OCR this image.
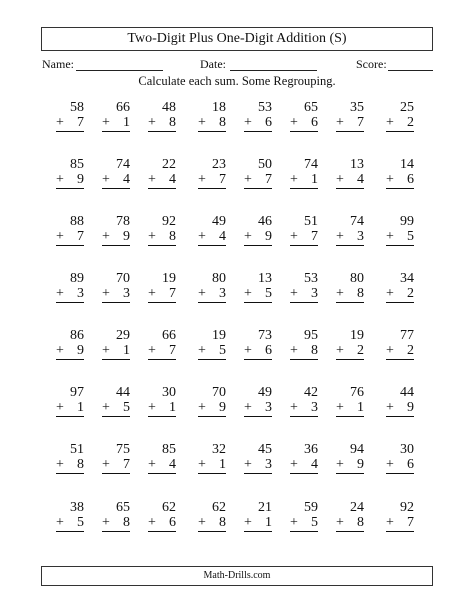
Two-Digit Plus One-Digit Addition (S)
Name:	Date:	Score:
Calculate each sum. Some Regrouping.
58
+ 7
66
+ 1
48
+ 8
18
+ 8
53
+ 6
65
+ 6
35
+ 7
25
+ 2
85
+ 9
74
+ 4
22
+ 4
23
+ 7
50
+ 7
74
+ 1
13
+ 4
14
+ 6
88
+ 7
78
+ 9
92
+ 8
49
+ 4
46
+ 9
51
+ 7
74
+ 3
99
+ 5
89
+ 3
70
+ 3
19
+ 7
80
+ 3
13
+ 5
53
+ 3
80
+ 8
34
+ 2
86
+ 9
29
+ 1
66
+ 7
19
+ 5
73
+ 6
95
+ 8
19
+ 2
77
+ 2
97
+ 1
44
+ 5
30
+ 1
70
+ 9
49
+ 3
42
+ 3
76
+ 1
44
+ 9
51
+ 8
75
+ 7
85
+ 4
32
+ 1
45
+ 3
36
+ 4
94
+ 9
30
+ 6
38
+ 5
65
+ 8
62
+ 6
62
+ 8
21
+ 1
59
+ 5
24
+ 8
92
+ 7
Math-Drills.com
